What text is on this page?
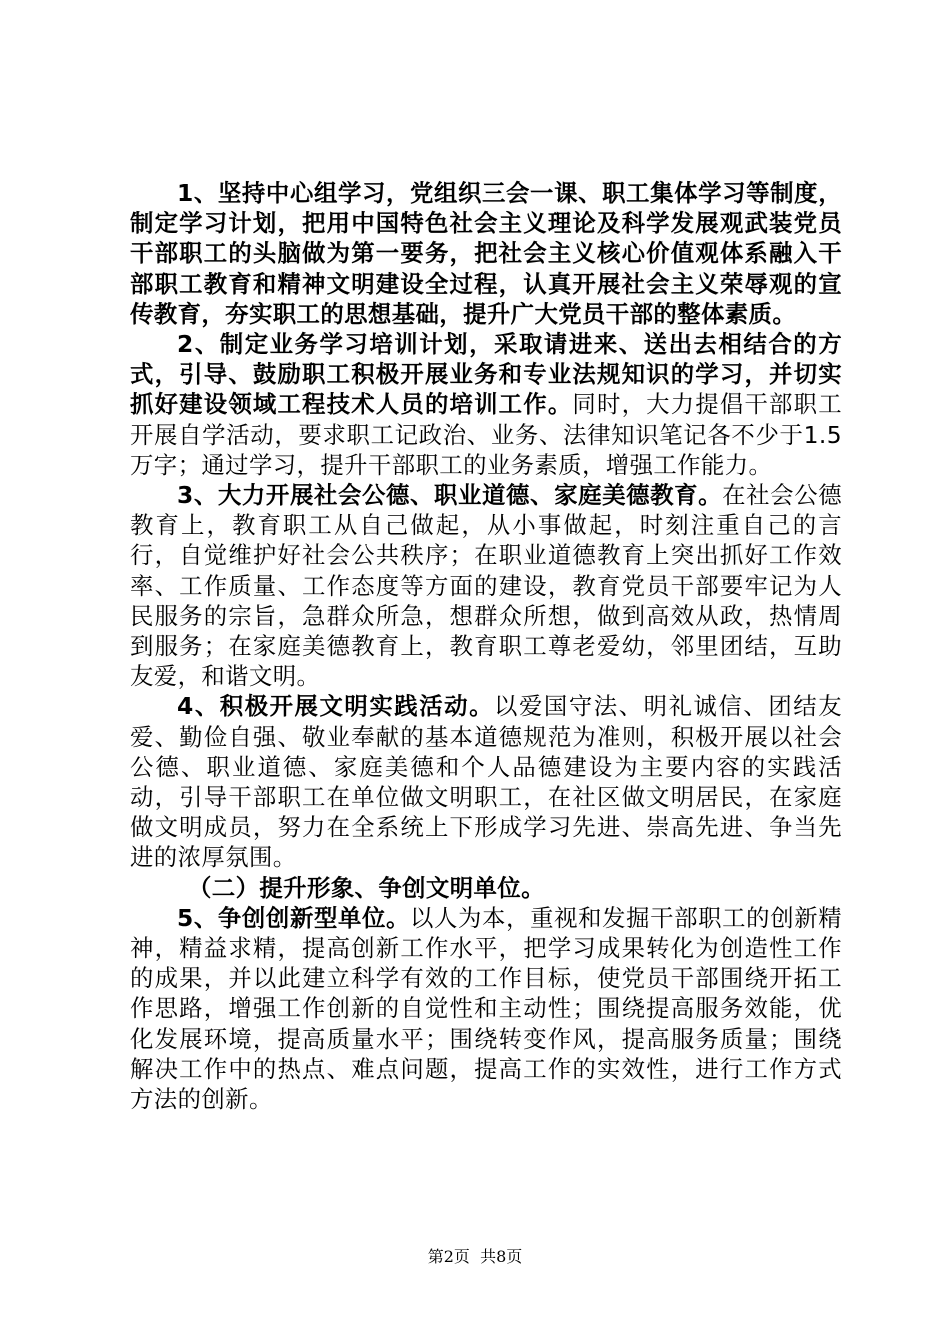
1、坚持中心组学习，党组织三会一课、职工集体学习等制度，制定学习计划，把用中国特色社会主义理论及科学发展观武装党员干部职工的头脑做为第一要务，把社会主义核心价值观体系融入干部职工教育和精神文明建设全过程，认真开展社会主义荣辱观的宣传教育，夯实职工的思想基础，提升广大党员干部的整体素质。

2、制定业务学习培训计划，采取请进来、送出去相结合的方式，引导、鼓励职工积极开展业务和专业法规知识的学习，并切实抓好建设领域工程技术人员的培训工作。同时，大力提倡干部职工开展自学活动，要求职工记政治、业务、法律知识笔记各不少于1.5万字；通过学习，提升干部职工的业务素质，增强工作能力。

3、大力开展社会公德、职业道德、家庭美德教育。在社会公德教育上，教育职工从自己做起，从小事做起，时刻注重自己的言行，自觉维护好社会公共秩序；在职业道德教育上突出抓好工作效率、工作质量、工作态度等方面的建设，教育党员干部要牢记为人民服务的宗旨，急群众所急，想群众所想，做到高效从政，热情周到服务；在家庭美德教育上，教育职工尊老爱幼，邻里团结，互助友爱，和谐文明。

4、积极开展文明实践活动。以爱国守法、明礼诚信、团结友爱、勤俭自强、敬业奉献的基本道德规范为准则，积极开展以社会公德、职业道德、家庭美德和个人品德建设为主要内容的实践活动，引导干部职工在单位做文明职工，在社区做文明居民，在家庭做文明成员，努力在全系统上下形成学习先进、崇高先进、争当先进的浓厚氛围。

（二）提升形象、争创文明单位。

5、争创创新型单位。以人为本，重视和发掘干部职工的创新精神，精益求精，提高创新工作水平，把学习成果转化为创造性工作的成果，并以此建立科学有效的工作目标，使党员干部围绕开拓工作思路，增强工作创新的自觉性和主动性；围绕提高服务效能，优化发展环境，提高质量水平；围绕转变作风，提高服务质量；围绕解决工作中的热点、难点问题，提高工作的实效性，进行工作方式方法的创新。

第2页 共8页
